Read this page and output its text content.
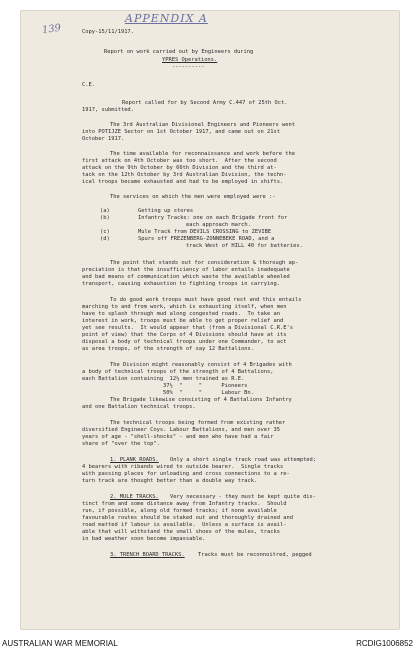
139
APPENDIX A
Copy-15/11/1917.
Report on work carried out by Engineers during
YPRES Operations.
----------
C.E.
Report called for by Second Army C.447 of 25th Oct.
1917, submitted.
The 3rd Australian Divisional Engineers and Pioneers went
into POTIJZE Sector on 1st October 1917, and came out on 21st
October 1917.
The time available for reconnaissance and work before the
first attack on 4th October was too short.  After the second
attack on the 9th October by 66th Division and the third at-
tack on the 12th October by 3rd Australian Division, the techn-
ical troops became exhausted and had to be employed in shifts.
The services on which the men were employed were :-
(a)	Getting up stores
(b)	Infantry Tracks: one on each Brigade front for
each approach march.
(c)	Mule Track from DEVILS CROSSING to ZEVIBE
(d)	Spurs off FREZENBERG-ZONNEBEKE ROAD, and a
track West of HILL 40 for batteries.
The point that stands out for consideration & thorough ap-
preciation is that the insufficiency of labor entails inadequate
and bad means of communication which waste the available wheeled
transport, causing exhaustion to fighting troops in carrying.
To do good work troops must have good rest and this entails
marching to and from work, which is exhausting itself, when men
have to splash through mud along congested roads.  To take an
interest in work, troops must be able to get proper relief and
yet see results.  It would appear that (from a Divisional C.R.E's
point of view) that the Corps of 4 Divisions should have at its
disposal a body of technical troops under one Commander, to act
as area troops, of the strength of say 12 Battalions.
The Division might reasonably consist of 4 Brigades with
a body of technical troops of the strength of 4 Battalions,
each Battalion containing  12½ men trained as R.E.
37½  "     "      Pioneers
50%  "     "      Labour Bn.
The Brigade likewise consisting of 4 Battalions Infantry
and one Battalion technical troops.
The technical troops being formed from existing rather
diversified Engineer Coys. Labour Battalions, and men over 35
years of age - "shell-shocks" - and men who have had a fair
share of "over the top".
1. PLANK ROADS. Only a short single track road was attempted;
4 bearers with ribands wired to outside bearer.  Single tracks
with passing places for unloading and cross connections to a re-
turn track are thought better than a double way track.
2. MULE TRACKS. Very necessary - they must be kept quite dis-
tinct from and some distance away from Infantry tracks.  Should
run, if possible, along old formed tracks; if none available
favourable routes should be staked out and thoroughly drained and
road matted if labour is available.  Unless a surface is avail-
able that will withstand the small shoes of the mules, tracks
in bad weather soon become impassable.
3. TRENCH BOARD TRACKS. Tracks must be reconnoitred, pegged
AUSTRALIAN WAR MEMORIAL	RCDIG1006852
